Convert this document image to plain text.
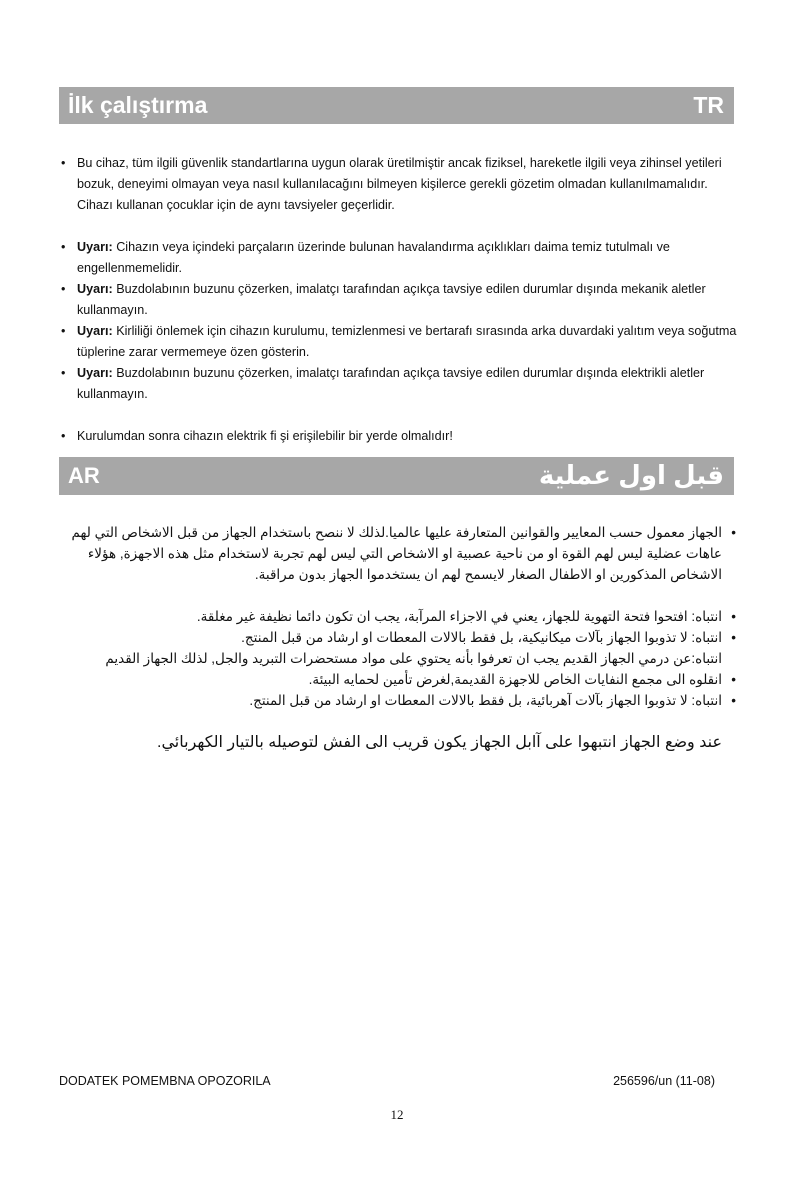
İlk çalıştırma	TR
• Bu cihaz, tüm ilgili güvenlik standartlarına uygun olarak üretilmiştir ancak fiziksel, hareketle ilgili veya zihinsel yetileri bozuk, deneyimi olmayan veya nasıl kullanılacağını bilmeyen kişilerce gerekli gözetim olmadan kullanılmamalıdır. Cihazı kullanan çocuklar için de aynı tavsiyeler geçerlidir.
• Uyarı: Cihazın veya içindeki parçaların üzerinde bulunan havalandırma açıklıkları daima temiz tutulmalı ve engellenmemelidir.
• Uyarı: Buzdolabının buzunu çözerken, imalatçı tarafından açıkça tavsiye edilen durumlar dışında mekanik aletler kullanmayın.
• Uyarı: Kirliliği önlemek için cihazın kurulumu, temizlenmesi ve bertarafı sırasında arka duvardaki yalıtım veya soğutma tüplerine zarar vermemeye özen gösterin.
• Uyarı: Buzdolabının buzunu çözerken, imalatçı tarafından açıkça tavsiye edilen durumlar dışında elektrikli aletler kullanmayın.
• Kurulumdan sonra cihazın elektrik fi şi erişilebilir bir yerde olmalıdır!
AR	قبل اول عملية
•
الجهاز معمول حسب المعايير والقوانين المتعارفة عليها عالميا.لذلك لا ننصح باستخدام الجهاز من قبل الاشخاص التي لهم عاهات عضلية ليس لهم القوة او من ناحية عصبية او الاشخاص التي ليس لهم تجربة لاستخدام مثل هذه الاجهزة, هؤلاء الاشخاص المذكورين او الاطفال الصغار لايسمح لهم ان يستخدموا الجهاز بدون مراقبة.
•
انتباه: افتحوا فتحة التهوية للجهاز، يعني في الاجزاء المرآبة، يجب ان تكون دائما نظيفة غير مغلقة.
•
انتباه: لا تذوبوا الجهاز بآلات ميكانيكية، بل فقط بالالات المعطات او ارشاد من قبل المنتج.
انتباه:عن درمي الجهاز القديم يجب ان تعرفوا بأنه يحتوي على مواد مستحضرات التبريد والجل, لذلك الجهاز القديم
•
انقلوه الى مجمع النفايات الخاص للاجهزة القديمة,لغرض تأمين لحمايه البيئة.
•
انتباه: لا تذوبوا الجهاز بآلات آهربائية، بل فقط بالالات المعطات او ارشاد من قبل المنتج.
عند وضع الجهاز انتبهوا على آابل الجهاز يكون قريب الى الفش لتوصيله بالتيار الكهربائي.
DODATEK POMEMBNA OPOZORILA	256596/un (11-08)
12
